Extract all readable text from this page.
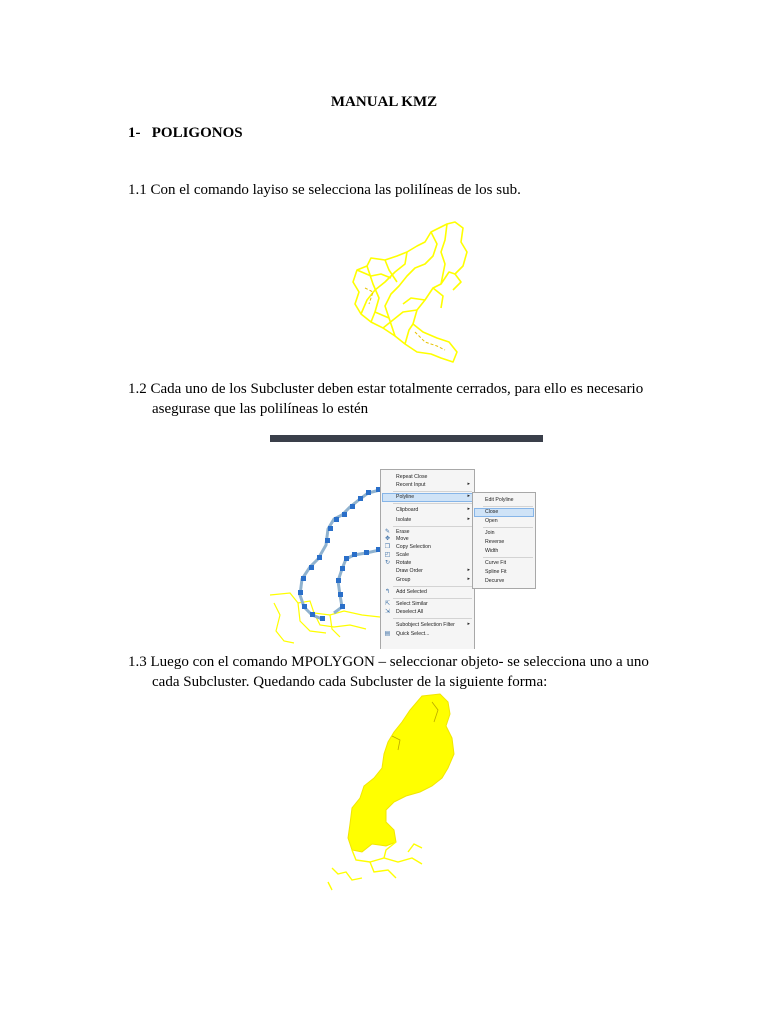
MANUAL KMZ
1- POLIGONOS
1.1 Con el comando layiso se selecciona las polilíneas de los sub.
1.2 Cada uno de los Subcluster deben estar totalmente cerrados, para ello es necesario
asegurase que las polilíneas lo estén
Repeat Close
Recent Input	▸
Polyline	▸
Clipboard	▸
Isolate	▸
✎ Erase
✥ Move
❐ Copy Selection
◰ Scale
↻ Rotate
Draw Order	▸
Group	▸
↰ Add Selected
⇱ Select Similar
⇲ Deselect All
Subobject Selection Filter	▸
▤ Quick Select...
Edit Polyline
Close
Open
Join
Reverse
Width
Curve Fit
Spline Fit
Decurve
1.3 Luego con el comando MPOLYGON – seleccionar objeto- se selecciona uno a uno
cada Subcluster. Quedando cada Subcluster de la siguiente forma:
